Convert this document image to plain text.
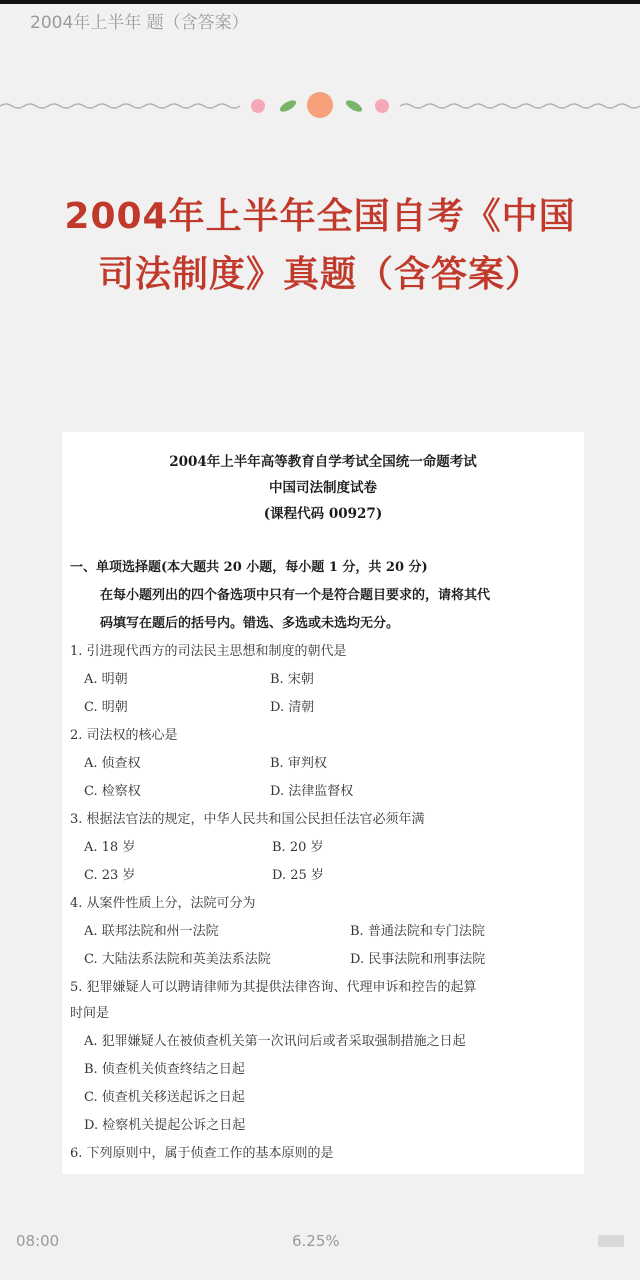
2004年上半年 题（含答案）
2004年上半年全国自考《中国司法制度》真题（含答案）
2004年上半年高等教育自学考试全国统一命题考试
中国司法制度试卷
(课程代码 00927)
一、单项选择题(本大题共 20 小题，每小题 1 分，共 20 分)
在每小题列出的四个备选项中只有一个是符合题目要求的，请将其代
码填写在题后的括号内。错选、多选或未选均无分。
1. 引进现代西方的司法民主思想和制度的朝代是
A. 明朝	B. 宋朝
C. 明朝	D. 清朝
2. 司法权的核心是
A. 侦查权	B. 审判权
C. 检察权	D. 法律监督权
3. 根据法官法的规定，中华人民共和国公民担任法官必须年满
A. 18 岁	B. 20 岁
C. 23 岁	D. 25 岁
4. 从案件性质上分，法院可分为
A. 联邦法院和州一法院	B. 普通法院和专门法院
C. 大陆法系法院和英美法系法院	D. 民事法院和刑事法院
5. 犯罪嫌疑人可以聘请律师为其提供法律咨询、代理申诉和控告的起算
时间是
A. 犯罪嫌疑人在被侦查机关第一次讯问后或者采取强制措施之日起
B. 侦查机关侦查终结之日起
C. 侦查机关移送起诉之日起
D. 检察机关提起公诉之日起
6. 下列原则中，属于侦查工作的基本原则的是
08:00	6.25%
